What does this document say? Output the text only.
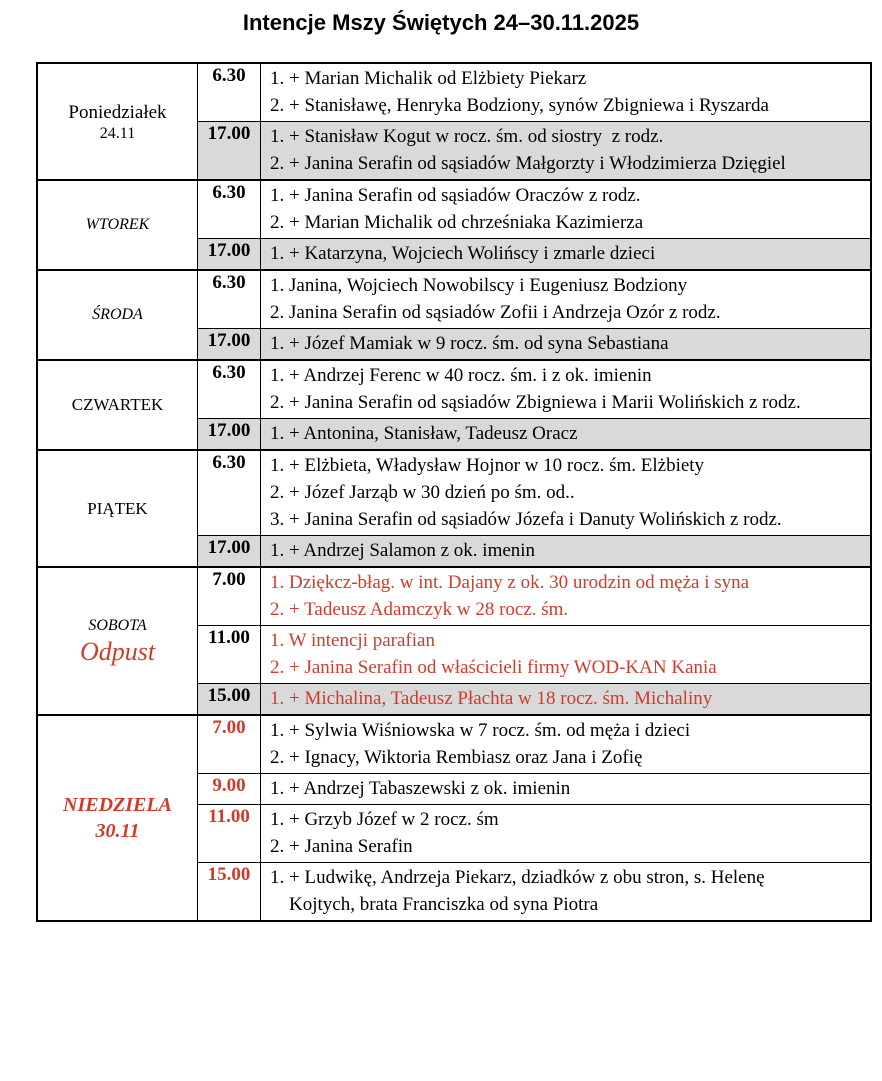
Intencje Mszy Świętych 24–30.11.2025
Poniedziałek
24.11
6.30	1. + Marian Michalik od Elżbiety Piekarz
2. + Stanisławę, Henryka Bodziony, synów Zbigniewa i Ryszarda
17.00	1. + Stanisław Kogut w rocz. śm. od siostry  z rodz.
2. + Janina Serafin od sąsiadów Małgorzty i Włodzimierza Dzięgiel
WTOREK
6.30	1. + Janina Serafin od sąsiadów Oraczów z rodz.
2. + Marian Michalik od chrześniaka Kazimierza
17.00	1. + Katarzyna, Wojciech Wolińscy i zmarle dzieci
ŚRODA
6.30	1. Janina, Wojciech Nowobilscy i Eugeniusz Bodziony
2. Janina Serafin od sąsiadów Zofii i Andrzeja Ozór z rodz.
17.00	1. + Józef Mamiak w 9 rocz. śm. od syna Sebastiana
CZWARTEK
6.30	1. + Andrzej Ferenc w 40 rocz. śm. i z ok. imienin
2. + Janina Serafin od sąsiadów Zbigniewa i Marii Wolińskich z rodz.
17.00	1. + Antonina, Stanisław, Tadeusz Oracz
PIĄTEK
6.30	1. + Elżbieta, Władysław Hojnor w 10 rocz. śm. Elżbiety
2. + Józef Jarząb w 30 dzień po śm. od..
3. + Janina Serafin od sąsiadów Józefa i Danuty Wolińskich z rodz.
17.00	1. + Andrzej Salamon z ok. imenin
SOBOTA
Odpust
7.00	1. Dziękcz-błag. w int. Dajany z ok. 30 urodzin od męża i syna
2. + Tadeusz Adamczyk w 28 rocz. śm.
11.00	1. W intencji parafian
2. + Janina Serafin od właścicieli firmy WOD-KAN Kania
15.00	1. + Michalina, Tadeusz Płachta w 18 rocz. śm. Michaliny
NIEDZIELA
30.11
7.00	1. + Sylwia Wiśniowska w 7 rocz. śm. od męża i dzieci
2. + Ignacy, Wiktoria Rembiasz oraz Jana i Zofię
9.00	1. + Andrzej Tabaszewski z ok. imienin
11.00	1. + Grzyb Józef w 2 rocz. śm
2. + Janina Serafin
15.00	1. + Ludwikę, Andrzeja Piekarz, dziadków z obu stron, s. Helenę
Kojtych, brata Franciszka od syna Piotra
